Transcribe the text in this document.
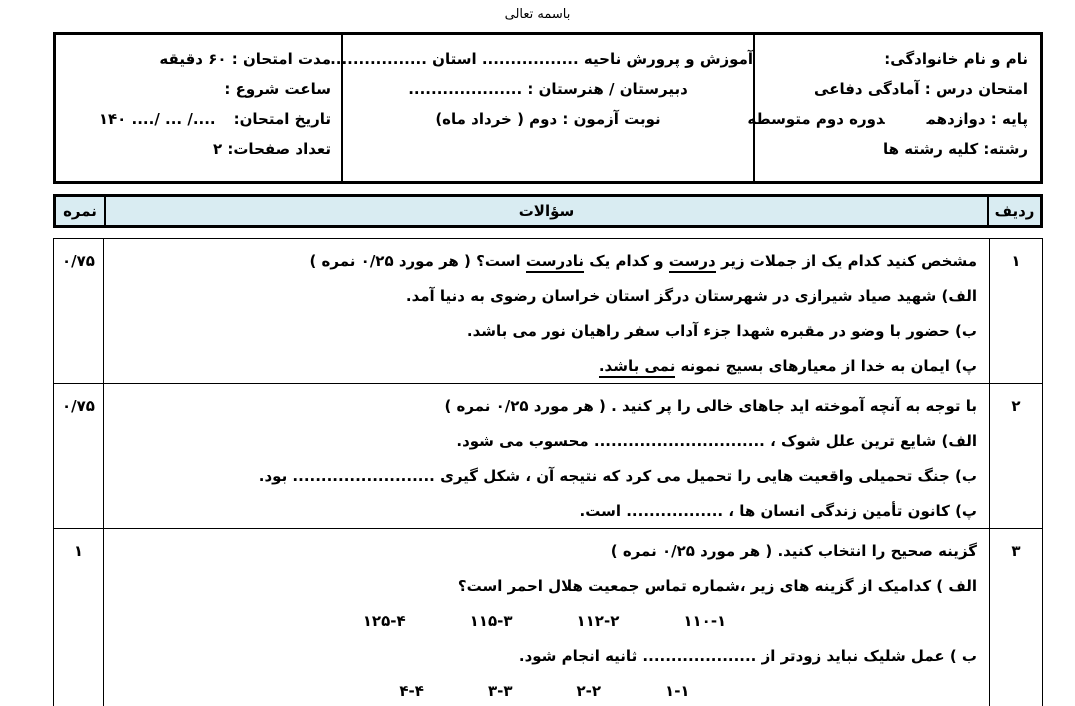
باسمه تعالی
نام و نام خانوادگی:
امتحان درس : آمادگی دفاعی
پایه : دوازدهمدوره دوم متوسطه
رشته: کلیه رشته ها
آموزش و پرورش ناحیه ................. استان .................
دبیرستان / هنرستان : ....................
نوبت آزمون : دوم ( خرداد ماه)
مدت امتحان : ۶۰ دقیقه
ساعت شروع :
تاریخ امتحان:۱۴۰ ..../ ... /....
تعداد صفحات: ۲
ردیف
سؤالات
نمره
۱
مشخص کنید کدام یک از جملات زیر درست و کدام یک نادرست است؟ ( هر مورد ۰/۲۵ نمره )
الف) شهید صیاد شیرازی در شهرستان درگز استان خراسان رضوی به دنیا آمد.
ب) حضور با وضو در مقبره شهدا جزء آداب سفر راهیان نور می باشد.
پ) ایمان به خدا از معیارهای بسیج نمونه نمی باشد.
۰/۷۵
۲
با توجه به آنچه آموخته اید جاهای خالی را پر کنید . ( هر مورد ۰/۲۵ نمره )
الف) شایع ترین علل شوک ، .............................. محسوب می شود.
ب) جنگ تحمیلی واقعیت هایی را تحمیل می کرد که نتیجه آن ، شکل گیری ......................... بود.
پ) کانون تأمین زندگی انسان ها ، ................. است.
۰/۷۵
۳
گزینه صحیح را انتخاب کنید. ( هر مورد ۰/۲۵ نمره )
الف ) کدامیک از گزینه های زیر ،شماره تماس جمعیت هلال احمر است؟
۱۱۰-۱
۱۱۲-۲
۱۱۵-۳
۱۲۵-۴
ب ) عمل شلیک نباید زودتر از .................... ثانیه انجام شود.
۱-۱
۲-۲
۳-۳
۴-۴
۱
